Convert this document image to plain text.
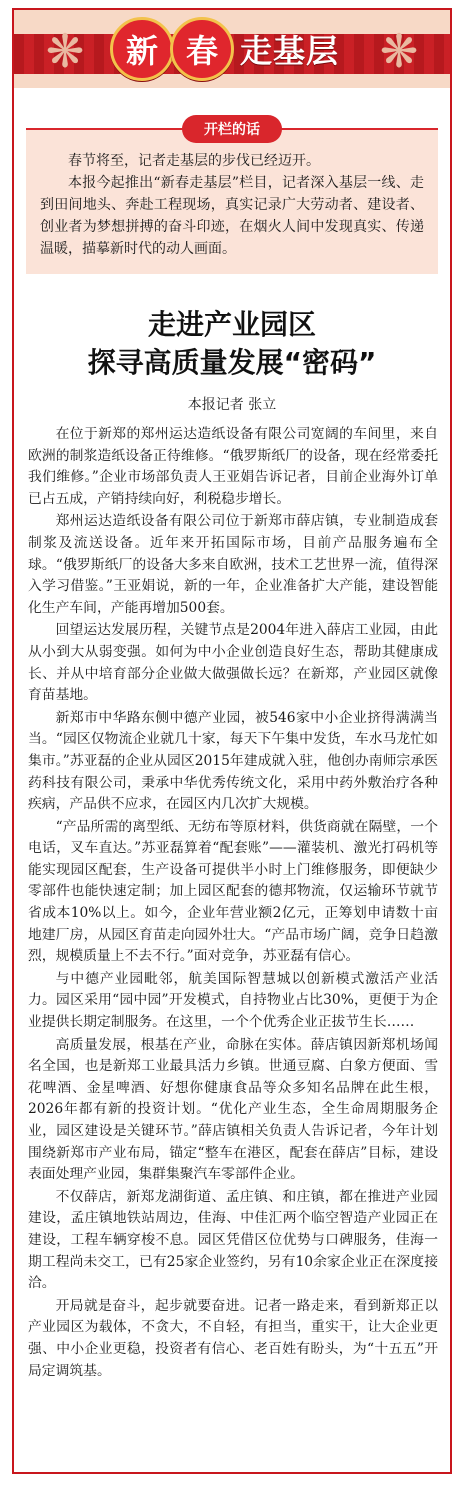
❋	❋
新 春 走基层
开栏的话

春节将至，记者走基层的步伐已经迈开。

本报今起推出“新春走基层”栏目，记者深入基层一线、走到田间地头、奔赴工程现场，真实记录广大劳动者、建设者、创业者为梦想拼搏的奋斗印迹，在烟火人间中发现真实、传递温暖，描摹新时代的动人画面。

走进产业园区
探寻高质量发展“密码”
本报记者 张立

在位于新郑的郑州运达造纸设备有限公司宽阔的车间里，来自欧洲的制浆造纸设备正待维修。“俄罗斯纸厂的设备，现在经常委托我们维修。”企业市场部负责人王亚娟告诉记者，目前企业海外订单已占五成，产销持续向好，利税稳步增长。

郑州运达造纸设备有限公司位于新郑市薛店镇，专业制造成套制浆及流送设备。近年来开拓国际市场，目前产品服务遍布全球。“俄罗斯纸厂的设备大多来自欧洲，技术工艺世界一流，值得深入学习借鉴。”王亚娟说，新的一年，企业准备扩大产能，建设智能化生产车间，产能再增加500套。

回望运达发展历程，关键节点是2004年进入薛店工业园，由此从小到大从弱变强。如何为中小企业创造良好生态，帮助其健康成长、并从中培育部分企业做大做强做长远？在新郑，产业园区就像育苗基地。

新郑市中华路东侧中德产业园，被546家中小企业挤得满满当当。“园区仅物流企业就几十家，每天下午集中发货，车水马龙忙如集市。”苏亚磊的企业从园区2015年建成就入驻，他创办南师宗承医药科技有限公司，秉承中华优秀传统文化，采用中药外敷治疗各种疾病，产品供不应求，在园区内几次扩大规模。

“产品所需的离型纸、无纺布等原材料，供货商就在隔壁，一个电话，叉车直达。”苏亚磊算着“配套账”——灌装机、激光打码机等能实现园区配套，生产设备可提供半小时上门维修服务，即便缺少零部件也能快速定制；加上园区配套的德邦物流，仅运输环节就节省成本10%以上。如今，企业年营业额2亿元，正筹划申请数十亩地建厂房，从园区育苗走向园外壮大。“产品市场广阔，竞争日趋激烈，规模质量上不去不行。”面对竞争，苏亚磊有信心。

与中德产业园毗邻，航美国际智慧城以创新模式激活产业活力。园区采用“园中园”开发模式，自持物业占比30%，更便于为企业提供长期定制服务。在这里，一个个优秀企业正拔节生长……

高质量发展，根基在产业，命脉在实体。薛店镇因新郑机场闻名全国，也是新郑工业最具活力乡镇。世通豆腐、白象方便面、雪花啤酒、金星啤酒、好想你健康食品等众多知名品牌在此生根，2026年都有新的投资计划。“优化产业生态，全生命周期服务企业，园区建设是关键环节。”薛店镇相关负责人告诉记者，今年计划围绕新郑市产业布局，锚定“整车在港区，配套在薛店”目标，建设表面处理产业园，集群集聚汽车零部件企业。

不仅薛店，新郑龙湖街道、孟庄镇、和庄镇，都在推进产业园建设，孟庄镇地铁站周边，佳海、中佳汇两个临空智造产业园正在建设，工程车辆穿梭不息。园区凭借区位优势与口碑服务，佳海一期工程尚未交工，已有25家企业签约，另有10余家企业正在深度接洽。

开局就是奋斗，起步就要奋进。记者一路走来，看到新郑正以产业园区为载体，不贪大，不自轻，有担当，重实干，让大企业更强、中小企业更稳，投资者有信心、老百姓有盼头，为“十五五”开局定调筑基。
